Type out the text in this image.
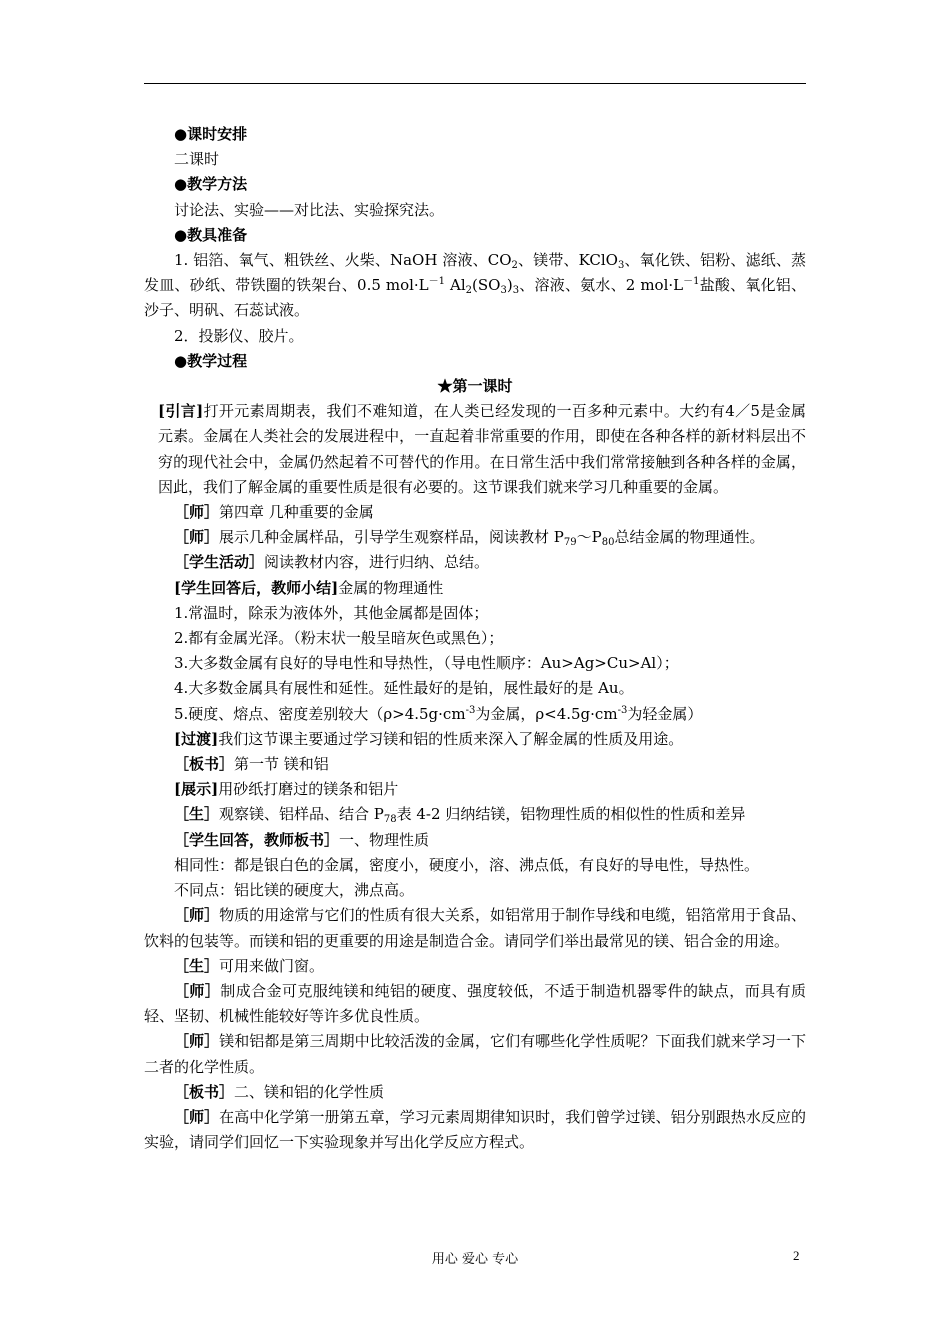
●课时安排

二课时

●教学方法

讨论法、实验——对比法、实验探究法。

●教具准备

1. 铝箔、氧气、粗铁丝、火柴、NaOH 溶液、$CO_2$、镁带、KClO$_3$、氧化铁、铝粉、滤纸、蒸发皿、砂纸、带铁圈的铁架台、0.5 $mol\cdot L^{-1}$ $Al_2(SO_3)_3$、溶液、氨水、2 $mol\cdot L^{-1}$盐酸、氧化铝、沙子、明矾、石蕊试液。

2．投影仪、胶片。

●教学过程

★第一课时

[引言]打开元素周期表，我们不难知道，在人类已经发现的一百多种元素中。大约有4／5是金属元素。金属在人类社会的发展进程中，一直起着非常重要的作用，即使在各种各样的新材料层出不穷的现代社会中，金属仍然起着不可替代的作用。在日常生活中我们常常接触到各种各样的金属，因此，我们了解金属的重要性质是很有必要的。这节课我们就来学习几种重要的金属。

［师］第四章 几种重要的金属

［师］展示几种金属样品，引导学生观察样品，阅读教材 $P_{79}\sim P_{80}$总结金属的物理通性。

［学生活动］阅读教材内容，进行归纳、总结。

[学生回答后，教师小结]金属的物理通性

1.常温时，除汞为液体外，其他金属都是固体；

2.都有金属光泽。（粉末状一般呈暗灰色或黑色）；

3.大多数金属有良好的导电性和导热性，（导电性顺序：Au>Ag>Cu>Al）；

4.大多数金属具有展性和延性。延性最好的是铂，展性最好的是 Au。

5.硬度、熔点、密度差别较大（$\rho>4.5g\cdot cm^{-3}$为金属，$\rho<4.5g\cdot cm^{-3}$为轻金属）

[过渡]我们这节课主要通过学习镁和铝的性质来深入了解金属的性质及用途。

［板书］第一节 镁和铝

[展示]用砂纸打磨过的镁条和铝片

［生］观察镁、铝样品、结合 $P_{78}$表 4-2 归纳结镁，铝物理性质的相似性的性质和差异

［学生回答，教师板书］一、物理性质

相同性：都是银白色的金属，密度小，硬度小，溶、沸点低，有良好的导电性，导热性。

不同点：铝比镁的硬度大，沸点高。

［师］物质的用途常与它们的性质有很大关系，如铝常用于制作导线和电缆，铝箔常用于食品、饮料的包装等。而镁和铝的更重要的用途是制造合金。请同学们举出最常见的镁、铝合金的用途。

［生］可用来做门窗。

［师］制成合金可克服纯镁和纯铝的硬度、强度较低，不适于制造机器零件的缺点，而具有质轻、坚韧、机械性能较好等许多优良性质。

［师］镁和铝都是第三周期中比较活泼的金属，它们有哪些化学性质呢？下面我们就来学习一下二者的化学性质。

［板书］二、镁和铝的化学性质

［师］在高中化学第一册第五章，学习元素周期律知识时，我们曾学过镁、铝分别跟热水反应的实验，请同学们回忆一下实验现象并写出化学反应方程式。

用心 爱心 专心	2
